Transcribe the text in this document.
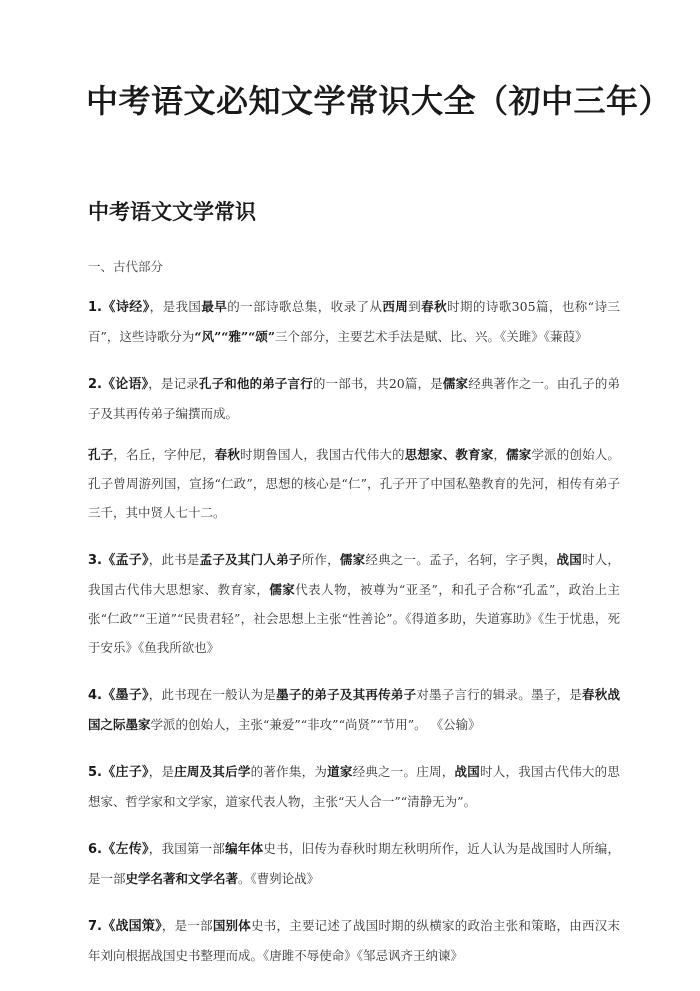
中考语文必知文学常识大全（初中三年）
中考语文文学常识

一、古代部分

1.《诗经》，是我国最早的一部诗歌总集，收录了从西周到春秋时期的诗歌305篇，也称“诗三百”，这些诗歌分为“风”“雅”“颂”三个部分，主要艺术手法是赋、比、兴。《关雎》《蒹葭》

2.《论语》，是记录孔子和他的弟子言行的一部书，共20篇，是儒家经典著作之一。由孔子的弟子及其再传弟子编撰而成。

孔子，名丘，字仲尼，春秋时期鲁国人，我国古代伟大的思想家、教育家，儒家学派的创始人。孔子曾周游列国，宣扬“仁政”，思想的核心是“仁”，孔子开了中国私塾教育的先河，相传有弟子三千，其中贤人七十二。

3.《孟子》，此书是孟子及其门人弟子所作，儒家经典之一。孟子，名轲，字子舆，战国时人，我国古代伟大思想家、教育家，儒家代表人物，被尊为“亚圣”，和孔子合称“孔孟”，政治上主张“仁政”“王道”“民贵君轻”，社会思想上主张“性善论”。《得道多助，失道寡助》《生于忧患，死于安乐》《鱼我所欲也》

4.《墨子》，此书现在一般认为是墨子的弟子及其再传弟子对墨子言行的辑录。墨子，是春秋战国之际墨家学派的创始人，主张“兼爱”“非攻”“尚贤”“节用”。 《公输》

5.《庄子》，是庄周及其后学的著作集，为道家经典之一。庄周，战国时人，我国古代伟大的思想家、哲学家和文学家，道家代表人物，主张“天人合一”“清静无为”。

6.《左传》，我国第一部编年体史书，旧传为春秋时期左秋明所作，近人认为是战国时人所编，是一部史学名著和文学名著。《曹刿论战》

7.《战国策》，是一部国别体史书，主要记述了战国时期的纵横家的政治主张和策略，由西汉末年刘向根据战国史书整理而成。《唐雎不辱使命》《邹忌讽齐王纳谏》
